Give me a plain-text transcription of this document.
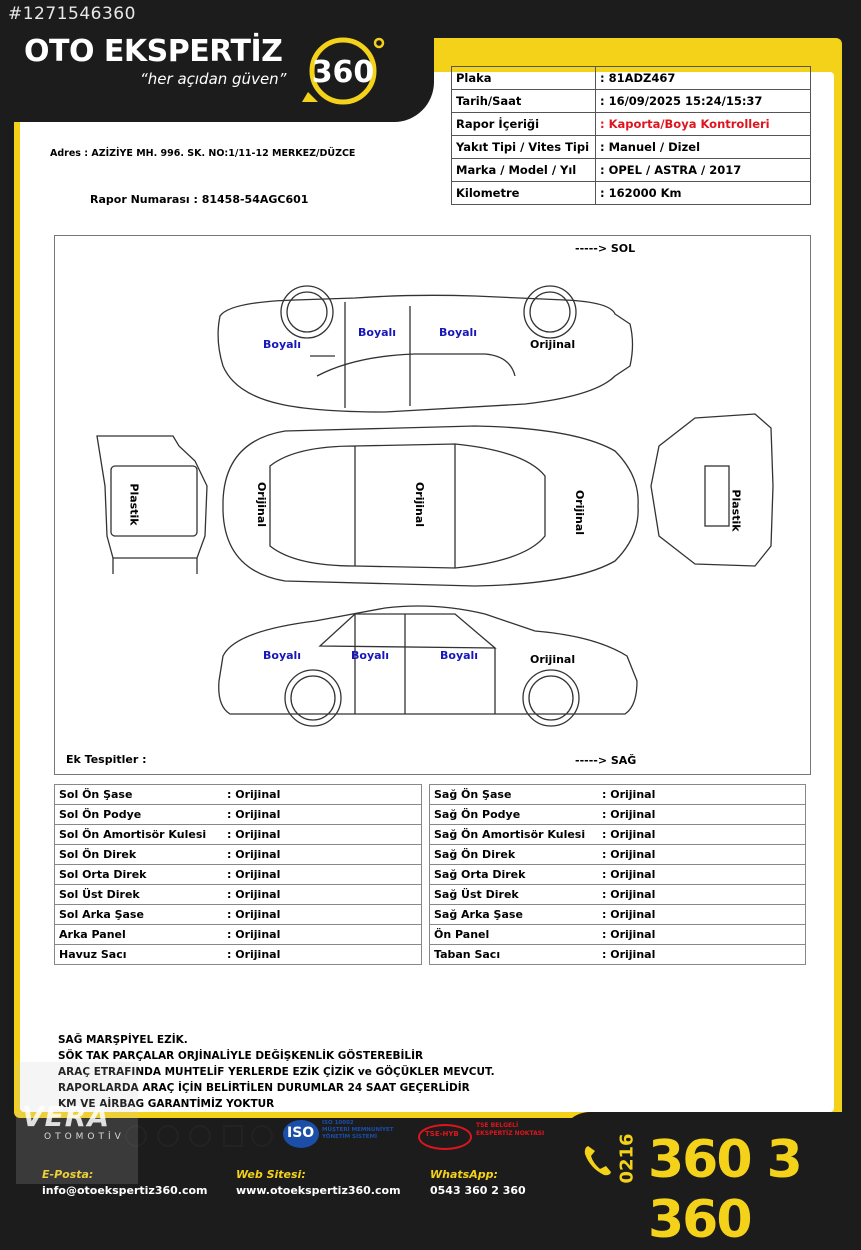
#1271546360
OTO EKSPERTİZ
“her açıdan güven” 360	Plaka	: 81ADZ467
Tarih/Saat	: 16/09/2025 15:24/15:37
Rapor İçeriği	: Kaporta/Boya Kontrolleri
Yakıt Tipi / Vites Tipi	: Manuel / Dizel
Marka / Model / Yıl	: OPEL / ASTRA / 2017
Kilometre	: 162000 Km
Adres : AZİZİYE MH. 996. SK. NO:1/11-12 MERKEZ/DÜZCE
Rapor Numarası : 81458-54AGC601
-----> SOL
-----> SAĞ
Boyalı
Boyalı	Boyalı
Orijinal
Plastik	Plastik
Orijinal	Orijinal	Orijinal
Boyalı	Boyalı	Boyalı	Orijinal
Ek Tespitler :
Sol Ön Şase	: Orijinal
Sol Ön Podye	: Orijinal
Sol Ön Amortisör Kulesi	: Orijinal
Sol Ön Direk	: Orijinal
Sol Orta Direk	: Orijinal
Sol Üst Direk	: Orijinal
Sol Arka Şase	: Orijinal
Arka Panel	: Orijinal
Havuz Sacı	: Orijinal
Sağ Ön Şase	: Orijinal
Sağ Ön Podye	: Orijinal
Sağ Ön Amortisör Kulesi	: Orijinal
Sağ Ön Direk	: Orijinal
Sağ Orta Direk	: Orijinal
Sağ Üst Direk	: Orijinal
Sağ Arka Şase	: Orijinal
Ön Panel	: Orijinal
Taban Sacı	: Orijinal
SAĞ MARŞPİYEL EZİK.
SÖK TAK PARÇALAR ORJİNALİYLE DEĞİŞKENLİK GÖSTEREBİLİR
ARAÇ ETRAFINDA MUHTELİF YERLERDE EZİK ÇİZİK ve GÖÇÜKLER MEVCUT.
RAPORLARDA ARAÇ İÇİN BELİRTİLEN DURUMLAR 24 SAAT GEÇERLİDİR
KM VE AİRBAG GARANTİMİZ YOKTUR
ISO
ISO 10002
MÜŞTERİ MEMNUNİYET
YÖNETİM SİSTEMİ	TSE-HYB
TSE BELGELİ
EKSPERTİZ NOKTASI
E-Posta:
info@otoekspertiz360.com
Web Sitesi:
www.otoekspertiz360.com
WhatsApp:
0543 360 2 360
0216 360 3 360
VERA
OTOMOTİV
